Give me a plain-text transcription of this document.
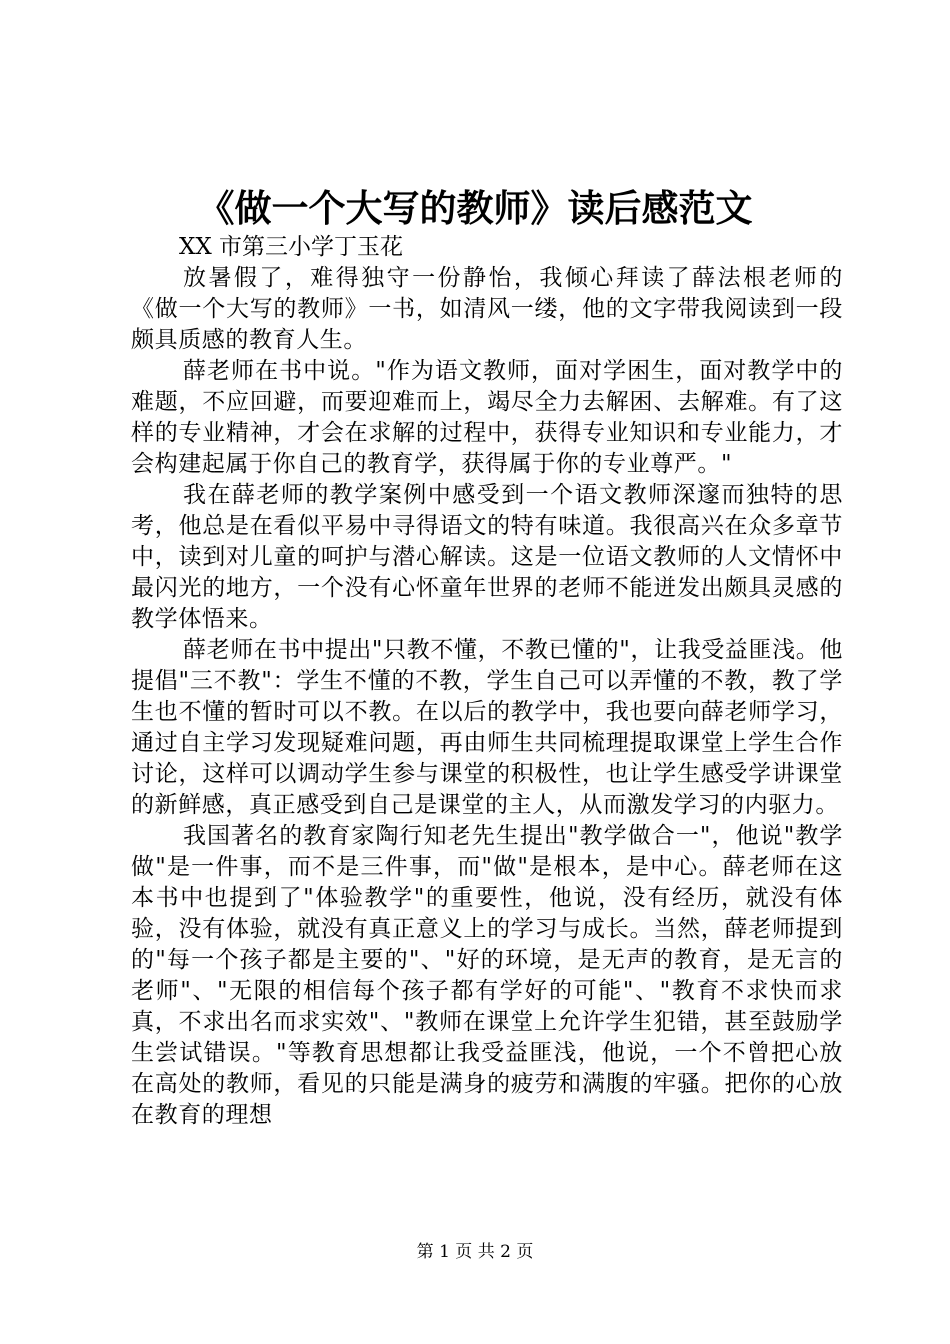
《做一个大写的教师》读后感范文

XX 市第三小学丁玉花

放暑假了，难得独守一份静怡，我倾心拜读了薛法根老师的《做一个大写的教师》一书，如清风一缕，他的文字带我阅读到一段颇具质感的教育人生。

薛老师在书中说。"作为语文教师，面对学困生，面对教学中的难题，不应回避，而要迎难而上，竭尽全力去解困、去解难。有了这样的专业精神，才会在求解的过程中，获得专业知识和专业能力，才会构建起属于你自己的教育学，获得属于你的专业尊严。"

我在薛老师的教学案例中感受到一个语文教师深邃而独特的思考，他总是在看似平易中寻得语文的特有味道。我很高兴在众多章节中，读到对儿童的呵护与潜心解读。这是一位语文教师的人文情怀中最闪光的地方，一个没有心怀童年世界的老师不能迸发出颇具灵感的教学体悟来。

薛老师在书中提出"只教不懂，不教已懂的"，让我受益匪浅。他提倡"三不教"：学生不懂的不教，学生自己可以弄懂的不教，教了学生也不懂的暂时可以不教。在以后的教学中，我也要向薛老师学习，通过自主学习发现疑难问题，再由师生共同梳理提取课堂上学生合作讨论，这样可以调动学生参与课堂的积极性，也让学生感受学讲课堂的新鲜感，真正感受到自己是课堂的主人，从而激发学习的内驱力。

我国著名的教育家陶行知老先生提出"教学做合一"，他说"教学做"是一件事，而不是三件事，而"做"是根本，是中心。薛老师在这本书中也提到了"体验教学"的重要性，他说，没有经历，就没有体验，没有体验，就没有真正意义上的学习与成长。当然，薛老师提到的"每一个孩子都是主要的"、"好的环境，是无声的教育，是无言的老师"、"无限的相信每个孩子都有学好的可能"、"教育不求快而求真，不求出名而求实效"、"教师在课堂上允许学生犯错，甚至鼓励学生尝试错误。"等教育思想都让我受益匪浅，他说，一个不曾把心放在高处的教师，看见的只能是满身的疲劳和满腹的牢骚。把你的心放在教育的理想

第 1 页 共 2 页
